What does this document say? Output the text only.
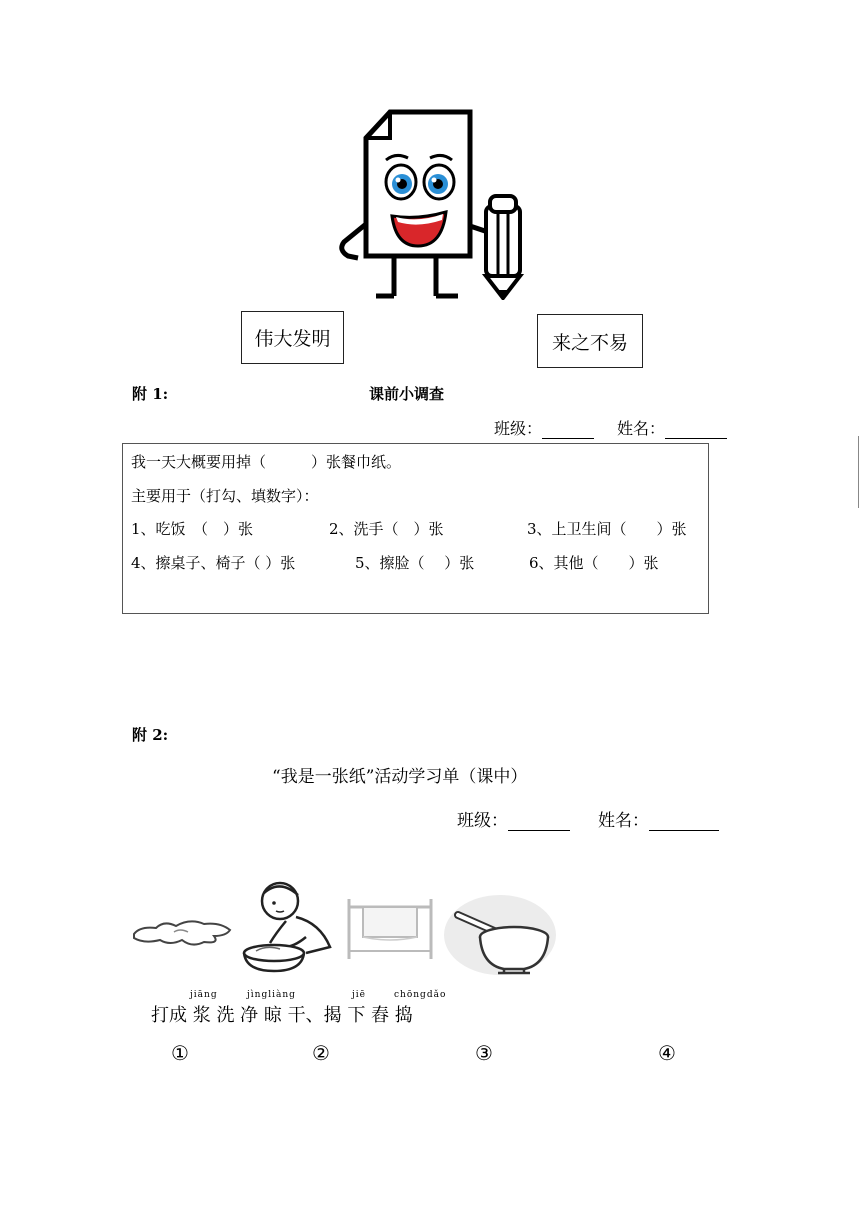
伟大发明	来之不易
附 1:	课前小调查
班级：	姓名：
我一天大概要用掉（　　　）张餐巾纸。
主要用于（打勾、填数字）：
1、吃饭　（　）张	2、洗手（　）张	3、上卫生间（　　）张
4、擦桌子、椅子（ ）张	5、擦脸（　 ）张	6、其他（　　）张
附 2:
“我是一张纸”活动学习单（课中）
班级：	姓名：
jiāng	jìngliàng	jiē	chōngdǎo
打成 浆 洗 净 晾 干、揭 下 舂 捣
①	②	③	④
